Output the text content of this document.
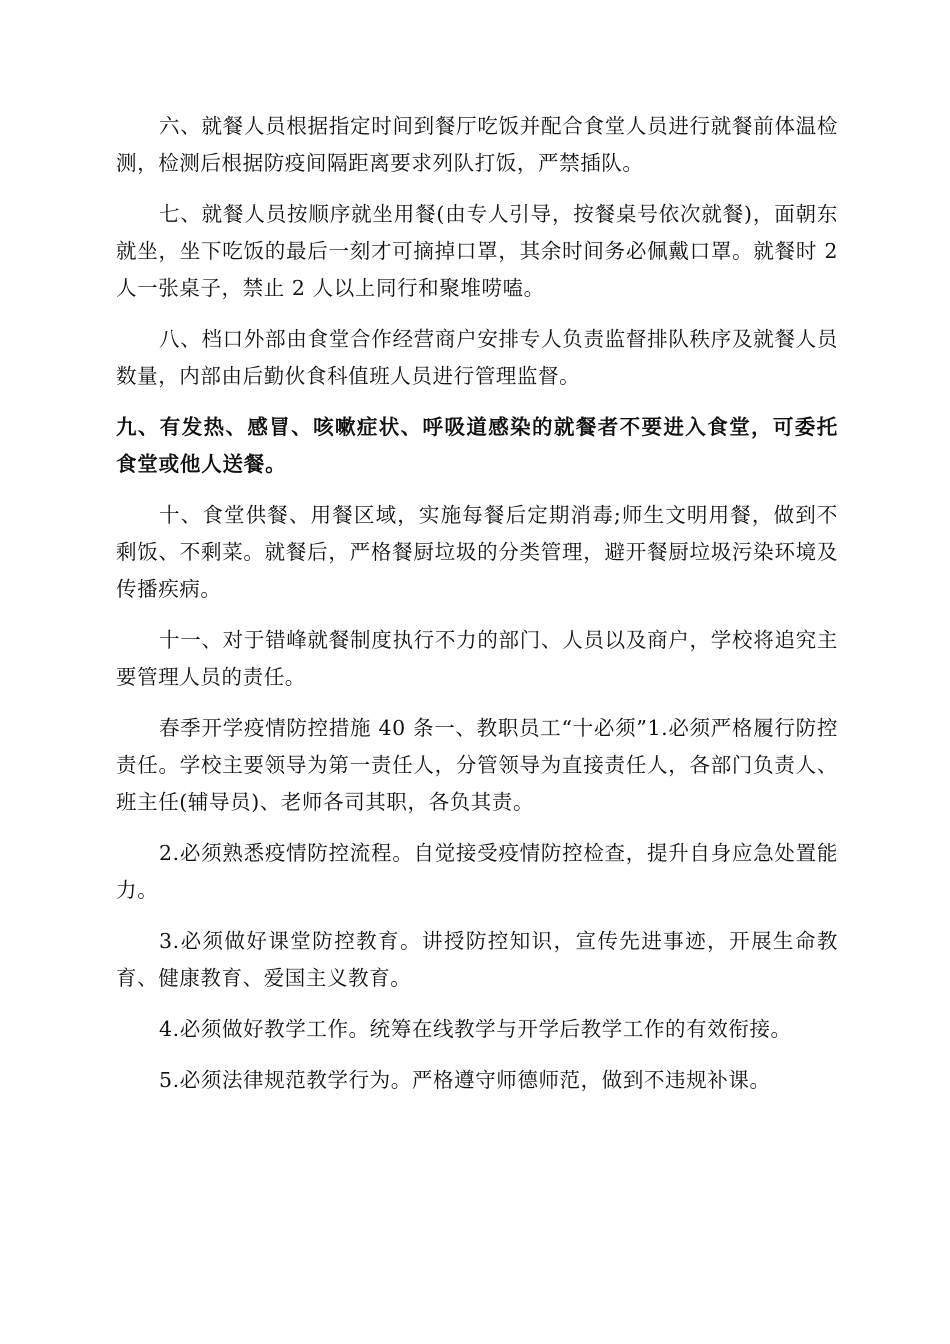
六、就餐人员根据指定时间到餐厅吃饭并配合食堂人员进行就餐前体温检测，检测后根据防疫间隔距离要求列队打饭，严禁插队。

七、就餐人员按顺序就坐用餐(由专人引导，按餐桌号依次就餐)，面朝东就坐，坐下吃饭的最后一刻才可摘掉口罩，其余时间务必佩戴口罩。就餐时 2 人一张桌子，禁止 2 人以上同行和聚堆唠嗑。

八、档口外部由食堂合作经营商户安排专人负责监督排队秩序及就餐人员数量，内部由后勤伙食科值班人员进行管理监督。

九、有发热、感冒、咳嗽症状、呼吸道感染的就餐者不要进入食堂，可委托食堂或他人送餐。

十、食堂供餐、用餐区域，实施每餐后定期消毒;师生文明用餐，做到不剩饭、不剩菜。就餐后，严格餐厨垃圾的分类管理，避开餐厨垃圾污染环境及传播疾病。

十一、对于错峰就餐制度执行不力的部门、人员以及商户，学校将追究主要管理人员的责任。

春季开学疫情防控措施 40 条一、教职员工“十必须”1.必须严格履行防控责任。学校主要领导为第一责任人，分管领导为直接责任人，各部门负责人、班主任(辅导员)、老师各司其职，各负其责。

2.必须熟悉疫情防控流程。自觉接受疫情防控检查，提升自身应急处置能力。

3.必须做好课堂防控教育。讲授防控知识，宣传先进事迹，开展生命教育、健康教育、爱国主义教育。

4.必须做好教学工作。统筹在线教学与开学后教学工作的有效衔接。

5.必须法律规范教学行为。严格遵守师德师范，做到不违规补课。
